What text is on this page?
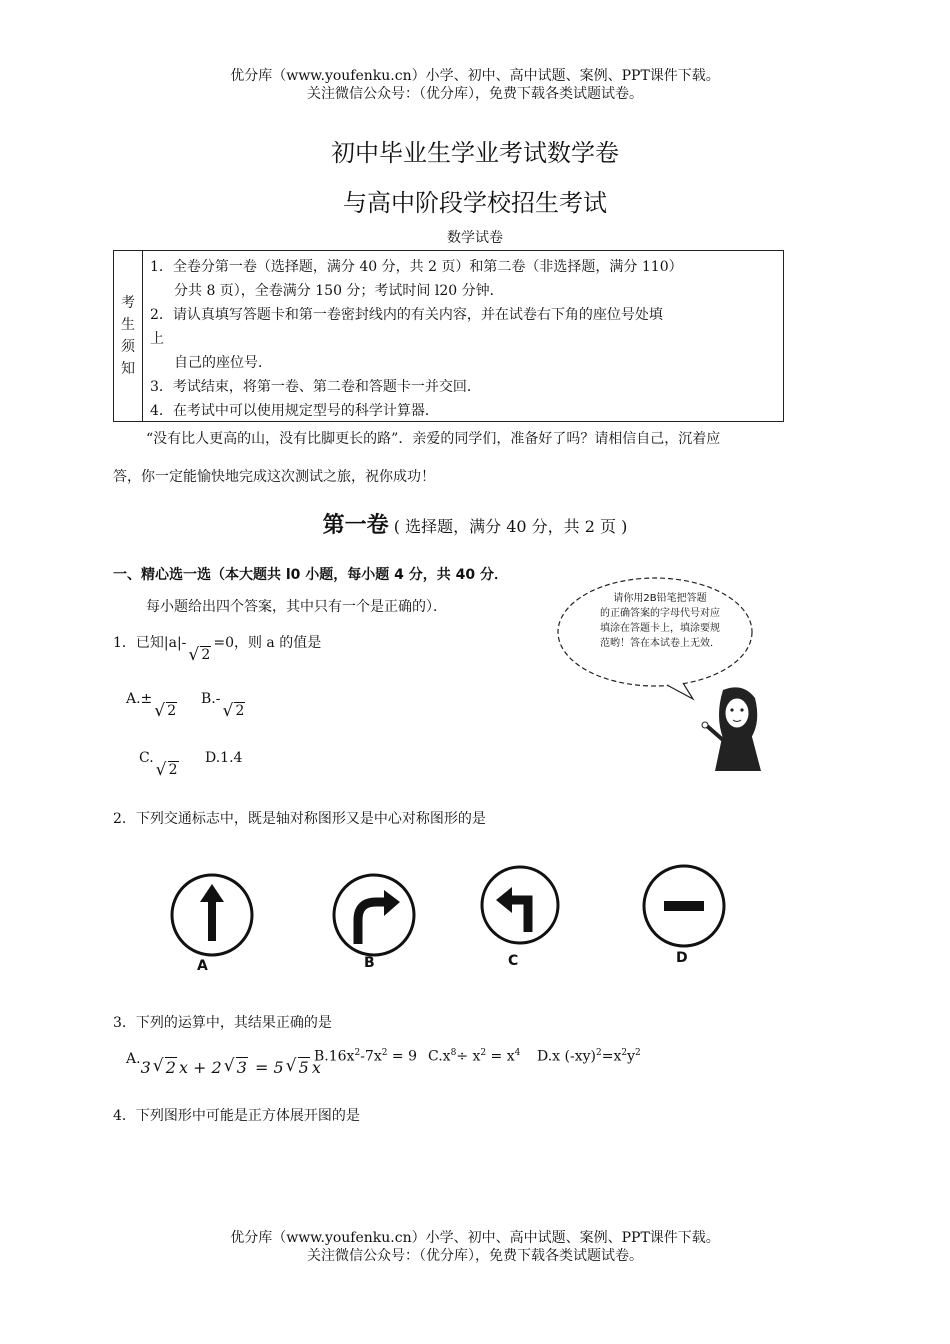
优分库（www.youfenku.cn）小学、初中、高中试题、案例、PPT课件下载。
关注微信公众号：（优分库），免费下载各类试题试卷。
初中毕业生学业考试数学卷
与高中阶段学校招生考试
数学试卷
考
生
须
知
1．全卷分第一卷（选择题，满分 40 分，共 2 页）和第二卷（非选择题，满分 110）
分共 8 页），全卷满分 150 分；考试时间 l20 分钟．
2．请认真填写答题卡和第一卷密封线内的有关内容，并在试卷右下角的座位号处填
上
自己的座位号．
3．考试结束，将第一卷、第二卷和答题卡一并交回．
4．在考试中可以使用规定型号的科学计算器．
“没有比人更高的山，没有比脚更长的路”．亲爱的同学们，准备好了吗？请相信自己，沉着应
答，你一定能愉快地完成这次测试之旅，祝你成功！
第一卷 ( 选择题，满分 40 分，共 2 页 )
一、精心选一选（本大题共 l0 小题，每小题 4 分，共 40 分．
每小题给出四个答案，其中只有一个是正确的）．
请你用2B铅笔把答题
的正确答案的字母代号对应
填涂在答题卡上，填涂要规
范哟！答在本试卷上无效．
1．已知|a|-√ 2=0，则 a 的值是
A.±√ 2
B.-√ 2
C.√ 2
D.1.4
2．下列交通标志中，既是轴对称图形又是中心对称图形的是
A	B	C	D
3．下列的运算中，其结果正确的是
A.3 √ 2 x + 2 √ 3 = 5 √ 5 x
$B.16x^2-7x^2 = 9$ $C.x^8\div x^2 = x^4$ D.x $(-xy)^2=x^2y^2$
4．下列图形中可能是正方体展开图的是
优分库（www.youfenku.cn）小学、初中、高中试题、案例、PPT课件下载。
关注微信公众号：（优分库），免费下载各类试题试卷。
